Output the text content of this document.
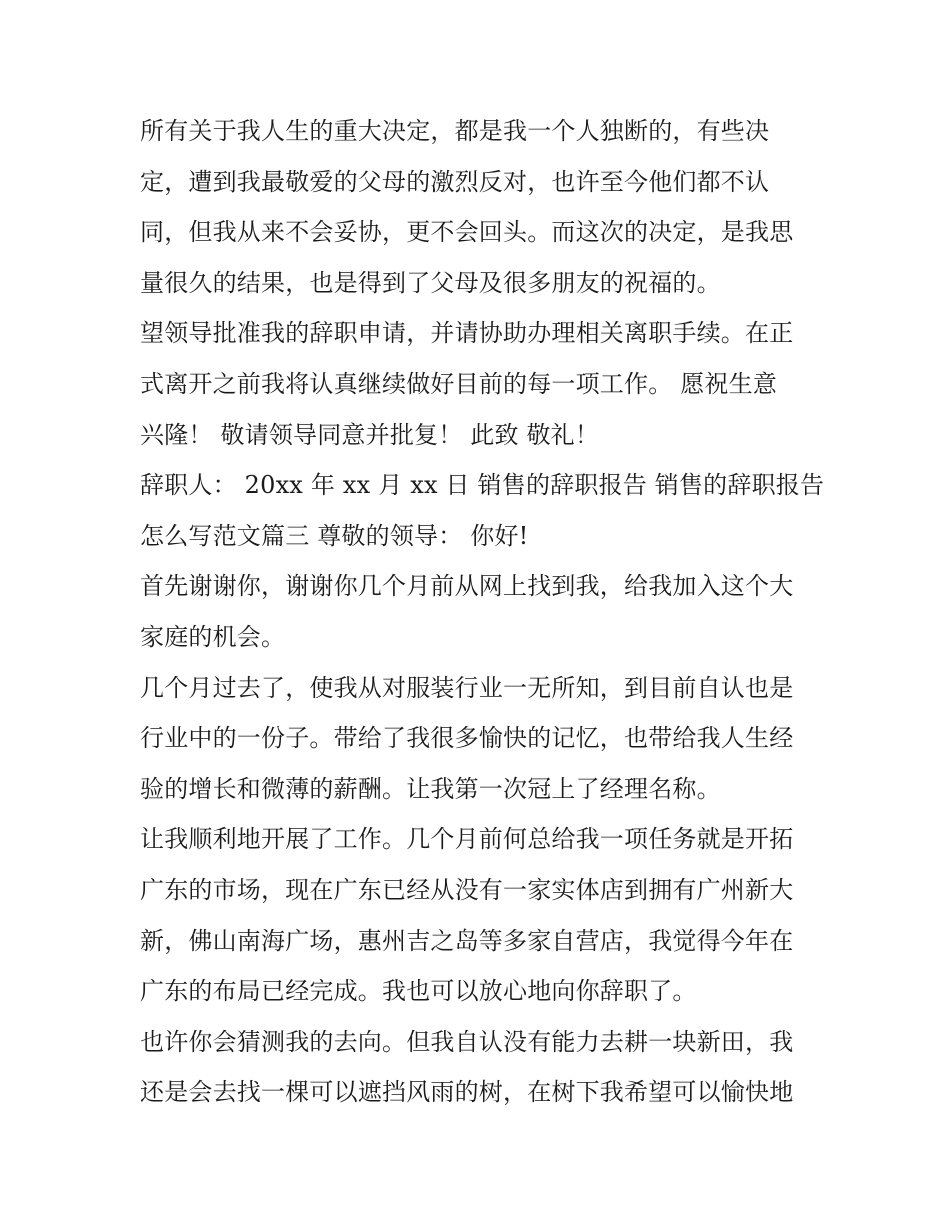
所有关于我人生的重大决定，都是我一个人独断的，有些决
定，遭到我最敬爱的父母的激烈反对，也许至今他们都不认
同，但我从来不会妥协，更不会回头。而这次的决定，是我思
量很久的结果，也是得到了父母及很多朋友的祝福的。

望领导批准我的辞职申请，并请协助办理相关离职手续。在正
式离开之前我将认真继续做好目前的每一项工作。 愿祝生意
兴隆！ 敬请领导同意并批复！ 此致 敬礼！

辞职人： 20xx 年 xx 月 xx 日 销售的辞职报告 销售的辞职报告
怎么写范文篇三 尊敬的领导： 你好!

首先谢谢你，谢谢你几个月前从网上找到我，给我加入这个大
家庭的机会。

几个月过去了，使我从对服装行业一无所知，到目前自认也是
行业中的一份子。带给了我很多愉快的记忆，也带给我人生经
验的增长和微薄的薪酬。让我第一次冠上了经理名称。

让我顺利地开展了工作。几个月前何总给我一项任务就是开拓
广东的市场，现在广东已经从没有一家实体店到拥有广州新大
新，佛山南海广场，惠州吉之岛等多家自营店，我觉得今年在
广东的布局已经完成。我也可以放心地向你辞职了。

也许你会猜测我的去向。但我自认没有能力去耕一块新田，我
还是会去找一棵可以遮挡风雨的树，在树下我希望可以愉快地
